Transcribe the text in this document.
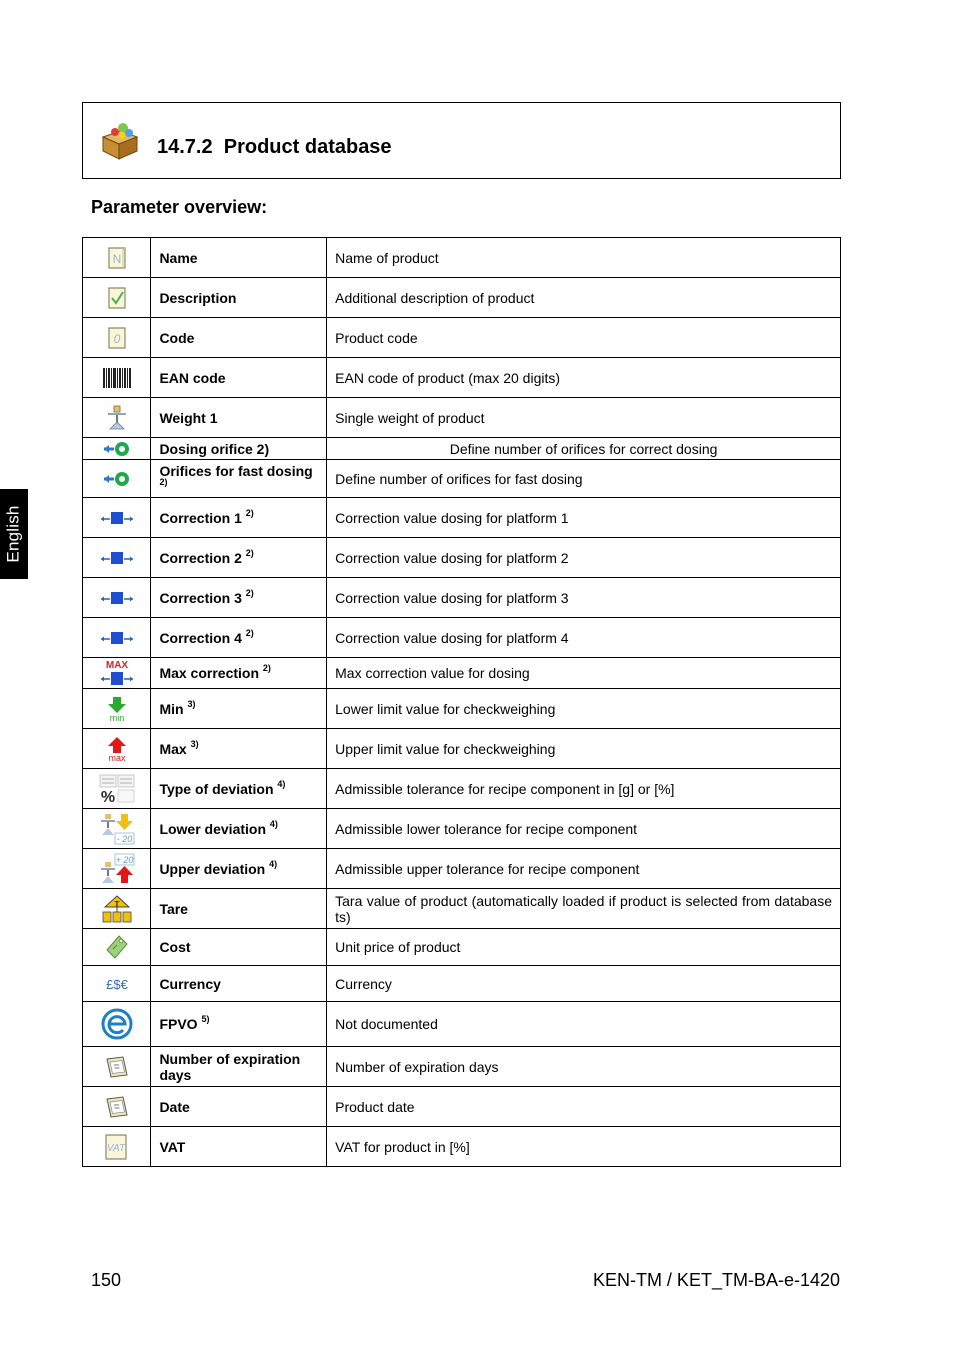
English
14.7.2 Product database
Parameter overview:
N	Name	Name of product
	Description	Additional description of product

0	Code	Product code
	EAN code	EAN code of product (max 20 digits)
	Weight 1	Single weight of product
	Dosing orifice 2)	Define number of orifices for correct dosing
	Orifices for fast dosing $^{2)}$	Define number of orifices for fast dosing
	Correction 1 $^{2)}$	Correction value dosing for platform 1
	Correction 2 $^{2)}$	Correction value dosing for platform 2
	Correction 3 $^{2)}$	Correction value dosing for platform 3
	Correction 4 $^{2)}$	Correction value dosing for platform 4

MAX	Max correction $^{2)}$	Max correction value for dosing

min	Min $^{3)}$	Lower limit value for checkweighing

max	Max $^{3)}$	Upper limit value for checkweighing

%	Type of deviation $^{4)}$	Admissible tolerance for recipe component in [g] or [%]

- 20	Lower deviation $^{4)}$	Admissible lower tolerance for recipe component

+ 20	Upper deviation $^{4)}$	Admissible upper tolerance for recipe component

T	Tare	Tara value of product (automatically loaded if product is selected from database ts)
	Cost	Unit price of product

£$€	Currency	Currency
	FPVO $^{5)}$	Not documented
	Number of expiration days	Number of expiration days
	Date	Product date

VAT	VAT	VAT for product in [%]
150	KEN-TM / KET_TM-BA-e-1420
